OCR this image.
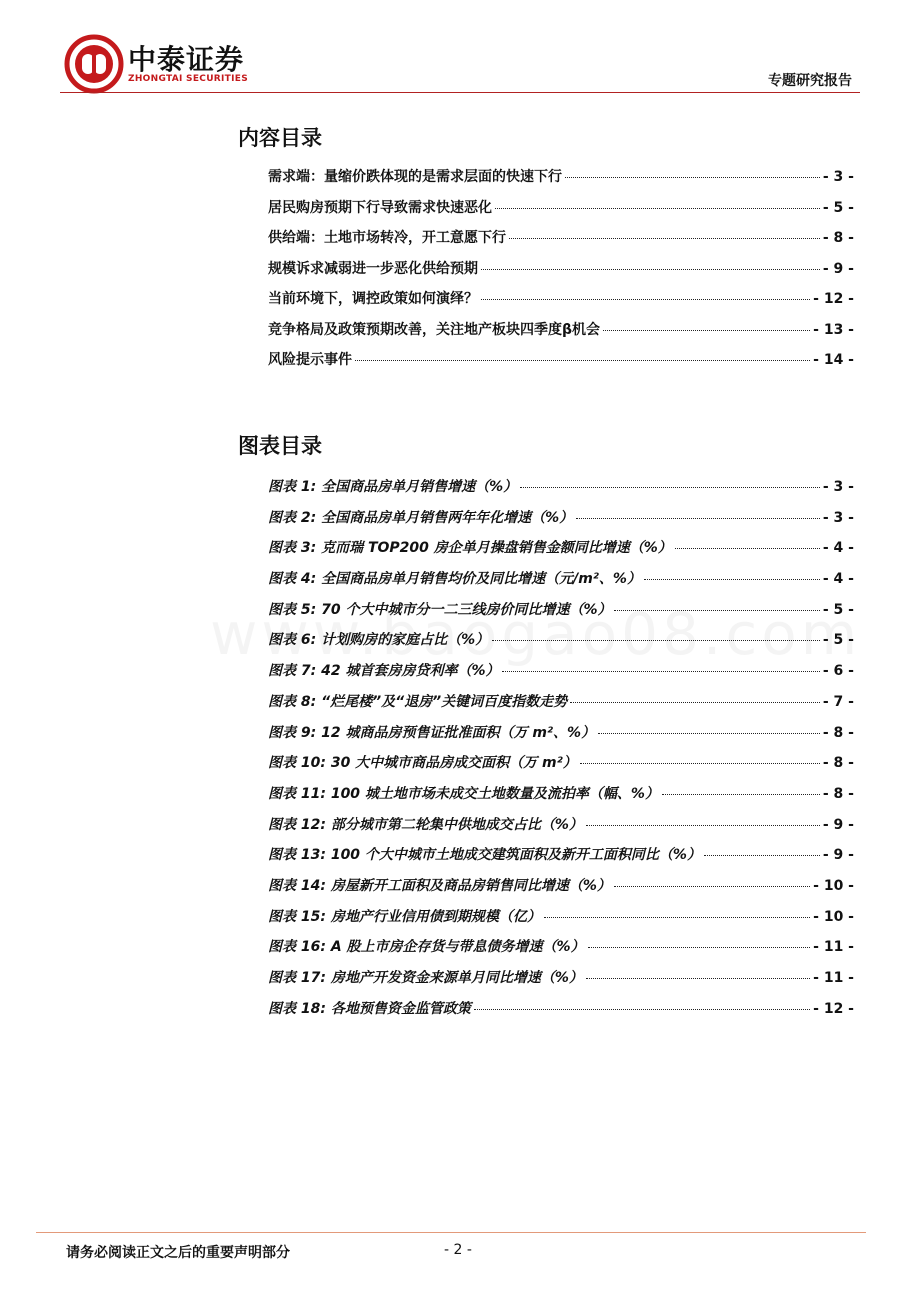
中泰证券
ZHONGTAI SECURITIES	专题研究报告
内容目录
需求端：量缩价跌体现的是需求层面的快速下行	- 3 -
居民购房预期下行导致需求快速恶化	- 5 -
供给端：土地市场转冷，开工意愿下行	- 8 -
规模诉求减弱进一步恶化供给预期	- 9 -
当前环境下，调控政策如何演绎？	- 12 -
竞争格局及政策预期改善，关注地产板块四季度β机会	- 13 -
风险提示事件	- 14 -
图表目录
图表 1: 全国商品房单月销售增速（%）	- 3 -
图表 2: 全国商品房单月销售两年年化增速（%）	- 3 -
图表 3: 克而瑞 TOP200 房企单月操盘销售金额同比增速（%）	- 4 -
图表 4: 全国商品房单月销售均价及同比增速（元/m²、%）	- 4 -
图表 5: 70 个大中城市分一二三线房价同比增速（%）	- 5 -
图表 6: 计划购房的家庭占比（%）	- 5 -
图表 7: 42 城首套房房贷利率（%）	- 6 -
图表 8: “烂尾楼”及“退房”关键词百度指数走势	- 7 -
图表 9: 12 城商品房预售证批准面积（万 m²、%）	- 8 -
图表 10: 30 大中城市商品房成交面积（万 m²）	- 8 -
图表 11: 100 城土地市场未成交土地数量及流拍率（幅、%）	- 8 -
图表 12: 部分城市第二轮集中供地成交占比（%）	- 9 -
图表 13: 100 个大中城市土地成交建筑面积及新开工面积同比（%）	- 9 -
图表 14: 房屋新开工面积及商品房销售同比增速（%）	- 10 -
图表 15: 房地产行业信用债到期规模（亿）	- 10 -
图表 16: A 股上市房企存货与带息债务增速（%）	- 11 -
图表 17: 房地产开发资金来源单月同比增速（%）	- 11 -
图表 18: 各地预售资金监管政策	- 12 -
请务必阅读正文之后的重要声明部分	- 2 -
